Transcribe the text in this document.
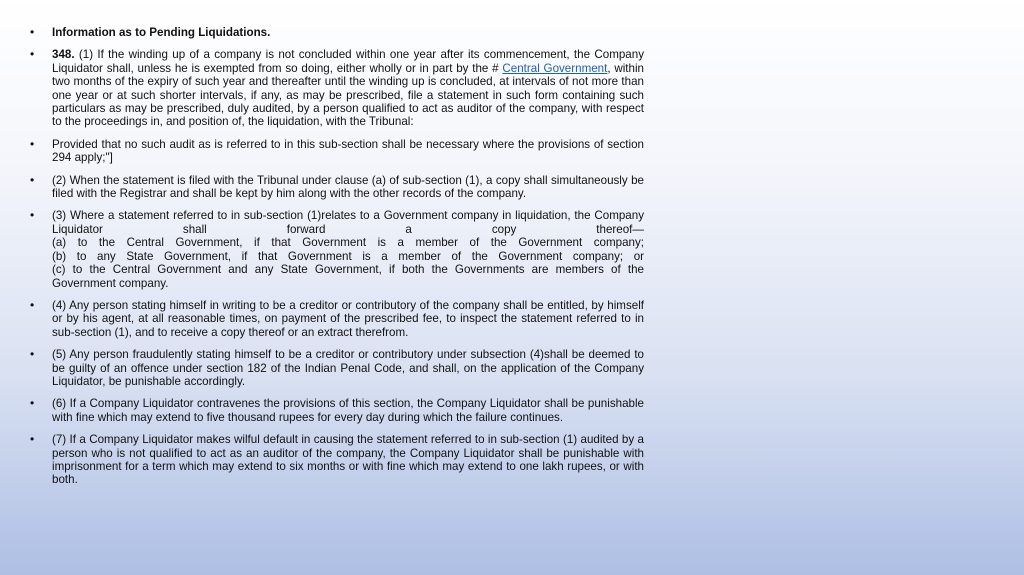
• Information as to Pending Liquidations.
• 348. (1) If the winding up of a company is not concluded within one year after its commencement, the Company Liquidator shall, unless he is exempted from so doing, either wholly or in part by the # Central Government, within two months of the expiry of such year and thereafter until the winding up is concluded, at intervals of not more than one year or at such shorter intervals, if any, as may be prescribed, file a statement in such form containing such particulars as may be prescribed, duly audited, by a person qualified to act as auditor of the company, with respect to the proceedings in, and position of, the liquidation, with the Tribunal:
• Provided that no such audit as is referred to in this sub-section shall be necessary where the provisions of section 294 apply;"]
• (2) When the statement is filed with the Tribunal under clause (a) of sub-section (1), a copy shall simultaneously be filed with the Registrar and shall be kept by him along with the other records of the company.
• (3) Where a statement referred to in sub-section (1)relates to a Government company in liquidation, the Company Liquidator shall forward a copy thereof—
(a) to the Central Government, if that Government is a member of the Government company;
(b) to any State Government, if that Government is a member of the Government company; or
(c) to the Central Government and any State Government, if both the Governments are members of the Government company.
• (4) Any person stating himself in writing to be a creditor or contributory of the company shall be entitled, by himself or by his agent, at all reasonable times, on payment of the prescribed fee, to inspect the statement referred to in sub-section (1), and to receive a copy thereof or an extract therefrom.
• (5) Any person fraudulently stating himself to be a creditor or contributory under subsection (4)shall be deemed to be guilty of an offence under section 182 of the Indian Penal Code, and shall, on the application of the Company Liquidator, be punishable accordingly.
• (6) If a Company Liquidator contravenes the provisions of this section, the Company Liquidator shall be punishable with fine which may extend to five thousand rupees for every day during which the failure continues.
• (7) If a Company Liquidator makes wilful default in causing the statement referred to in sub-section (1) audited by a person who is not qualified to act as an auditor of the company, the Company Liquidator shall be punishable with imprisonment for a term which may extend to six months or with fine which may extend to one lakh rupees, or with both.
